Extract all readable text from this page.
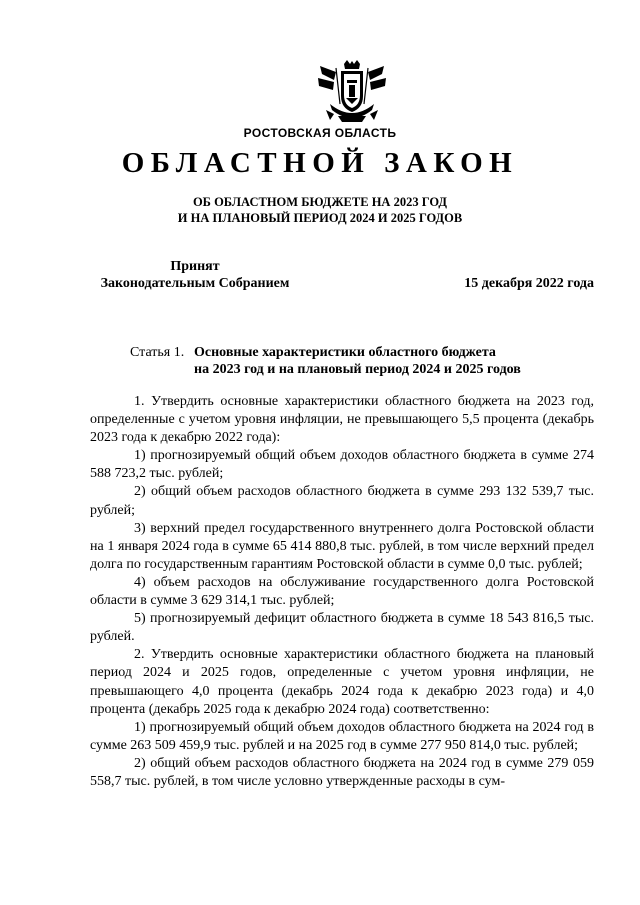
РОСТОВСКАЯ ОБЛАСТЬ
ОБЛАСТНОЙ ЗАКОН
ОБ ОБЛАСТНОМ БЮДЖЕТЕ НА 2023 ГОД
И НА ПЛАНОВЫЙ ПЕРИОД 2024 И 2025 ГОДОВ
Принят
Законодательным Собранием	15 декабря 2022 года
Статья 1. Основные характеристики областного бюджета
на 2023 год и на плановый период 2024 и 2025 годов

1. Утвердить основные характеристики областного бюджета на 2023 год, определенные с учетом уровня инфляции, не превышающего 5,5 процента (декабрь 2023 года к декабрю 2022 года):

1) прогнозируемый общий объем доходов областного бюджета в сумме 274 588 723,2 тыс. рублей;

2) общий объем расходов областного бюджета в сумме 293 132 539,7 тыс. рублей;

3) верхний предел государственного внутреннего долга Ростовской области на 1 января 2024 года в сумме 65 414 880,8 тыс. рублей, в том числе верхний предел долга по государственным гарантиям Ростовской области в сумме 0,0 тыс. рублей;

4) объем расходов на обслуживание государственного долга Ростовской области в сумме 3 629 314,1 тыс. рублей;

5) прогнозируемый дефицит областного бюджета в сумме 18 543 816,5 тыс. рублей.

2. Утвердить основные характеристики областного бюджета на плановый период 2024 и 2025 годов, определенные с учетом уровня инфляции, не превышающего 4,0 процента (декабрь 2024 года к декабрю 2023 года) и 4,0 процента (декабрь 2025 года к декабрю 2024 года) соответственно:

1) прогнозируемый общий объем доходов областного бюджета на 2024 год в сумме 263 509 459,9 тыс. рублей и на 2025 год в сумме 277 950 814,0 тыс. рублей;

2) общий объем расходов областного бюджета на 2024 год в сумме 279 059 558,7 тыс. рублей, в том числе условно утвержденные расходы в сум-
